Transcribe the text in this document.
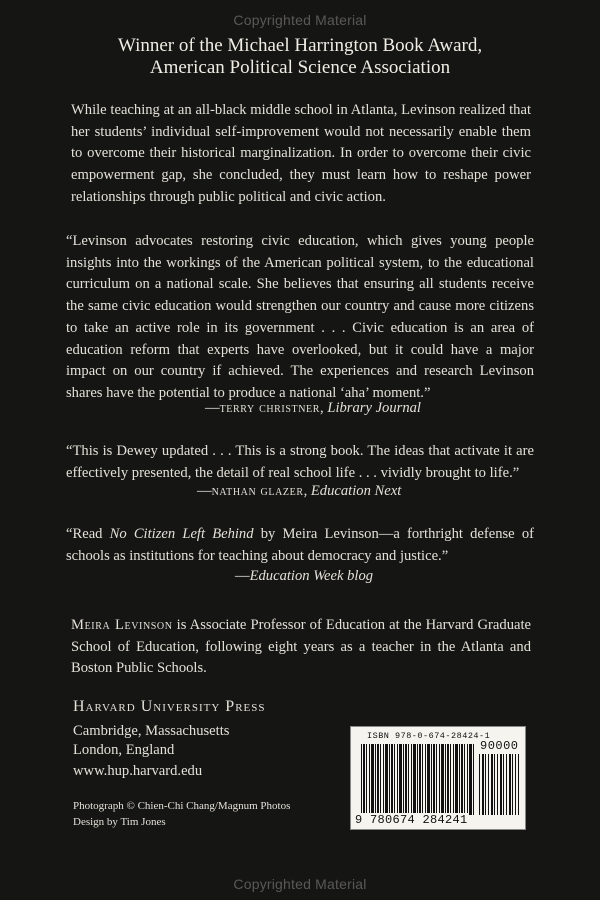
Copyrighted Material
Winner of the Michael Harrington Book Award,
American Political Science Association

While teaching at an all-black middle school in Atlanta, Levinson realized that her students’ individual self-improvement would not necessarily enable them to overcome their historical marginalization. In order to overcome their civic empowerment gap, she concluded, they must learn how to reshape power relationships through public political and civic action.

“Levinson advocates restoring civic education, which gives young people insights into the workings of the American political system, to the educational curriculum on a national scale. She believes that ensuring all students receive the same civic education would strengthen our country and cause more citizens to take an active role in its government . . . Civic education is an area of education reform that experts have overlooked, but it could have a major impact on our country if achieved. The experiences and research Levinson shares have the potential to produce a national ‘aha’ moment.”

—terry christner, Library Journal

“This is Dewey updated . . . This is a strong book. The ideas that activate it are effectively presented, the detail of real school life . . . vividly brought to life.”

—nathan glazer, Education Next

“Read No Citizen Left Behind by Meira Levinson—a forthright defense of schools as institutions for teaching about democracy and justice.”

—Education Week blog

Meira Levinson is Associate Professor of Education at the Harvard Graduate School of Education, following eight years as a teacher in the Atlanta and Boston Public Schools.

Harvard University Press

Cambridge, Massachusetts

London, England

www.hup.harvard.edu

Photograph © Chien-Chi Chang/Magnum Photos

Design by Tim Jones

ISBN 978-0-674-28424-1
90000
9 780674 284241
Copyrighted Material
